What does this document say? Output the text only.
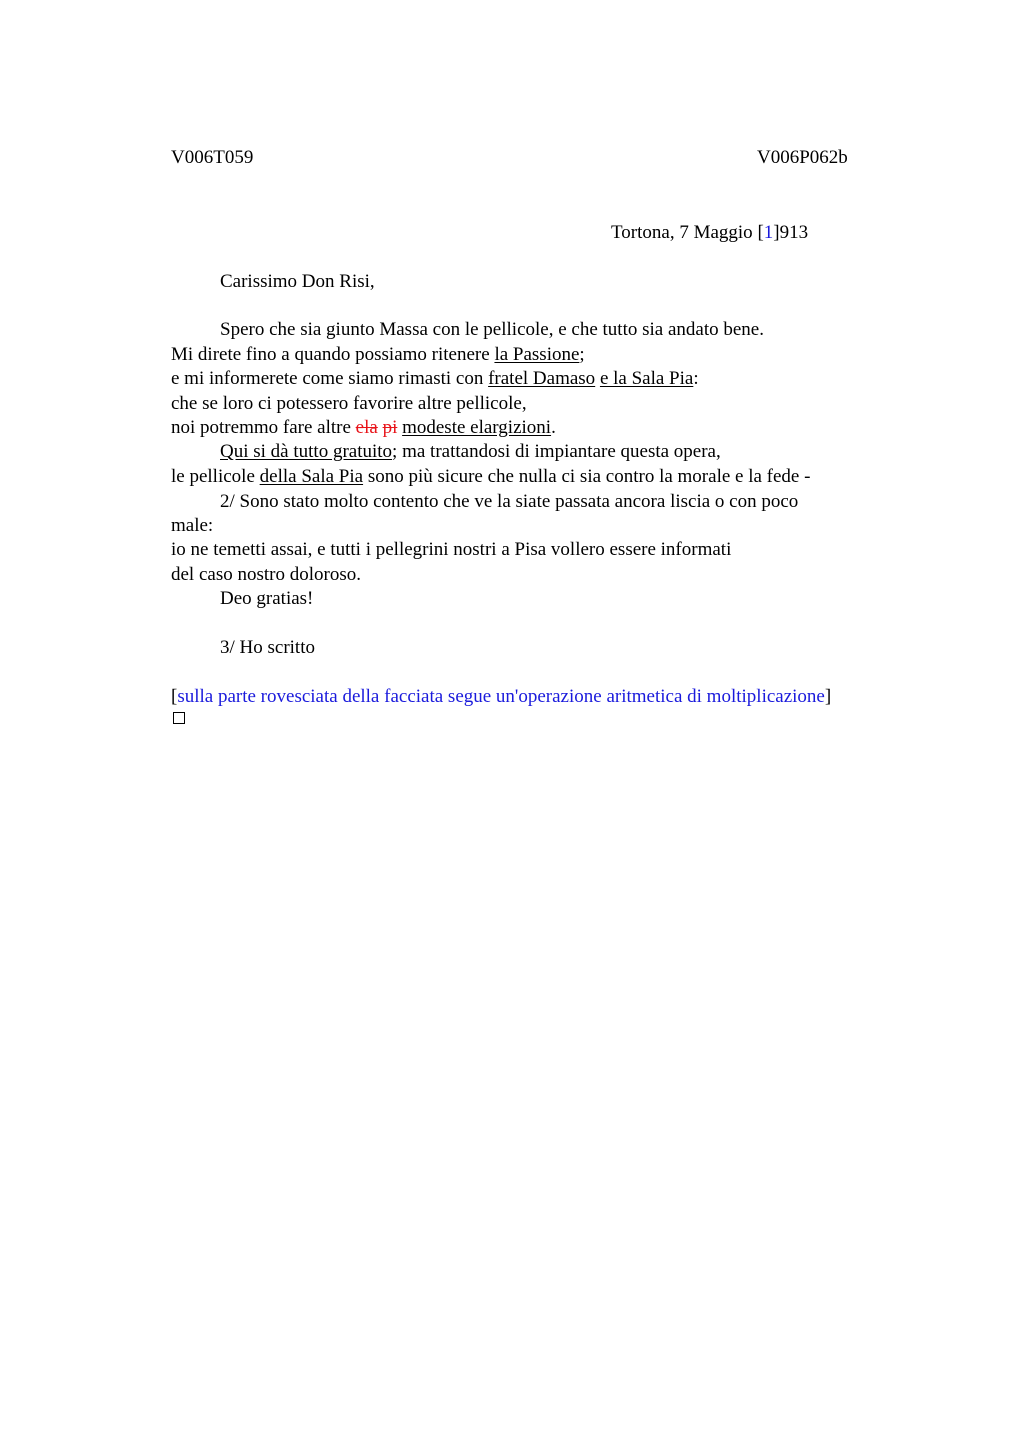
V006T059	V006P062b
Tortona, 7 Maggio [1]913
Carissimo Don Risi,
Spero che sia giunto Massa con le pellicole, e che tutto sia andato bene.
Mi direte fino a quando possiamo ritenere la Passione;
e mi informerete come siamo rimasti con fratel Damaso e la Sala Pia:
che se loro ci potessero favorire altre pellicole,
noi potremmo fare altre ela pi modeste elargizioni.
Qui si dà tutto gratuito; ma trattandosi di impiantare questa opera,
le pellicole della Sala Pia sono più sicure che nulla ci sia contro la morale e la fede -
2/ Sono stato molto contento che ve la siate passata ancora liscia o con poco
male:
io ne temetti assai, e tutti i pellegrini nostri a Pisa vollero essere informati
del caso nostro doloroso.
Deo gratias!
3/ Ho scritto
[sulla parte rovesciata della facciata segue un'operazione aritmetica di moltiplicazione]
